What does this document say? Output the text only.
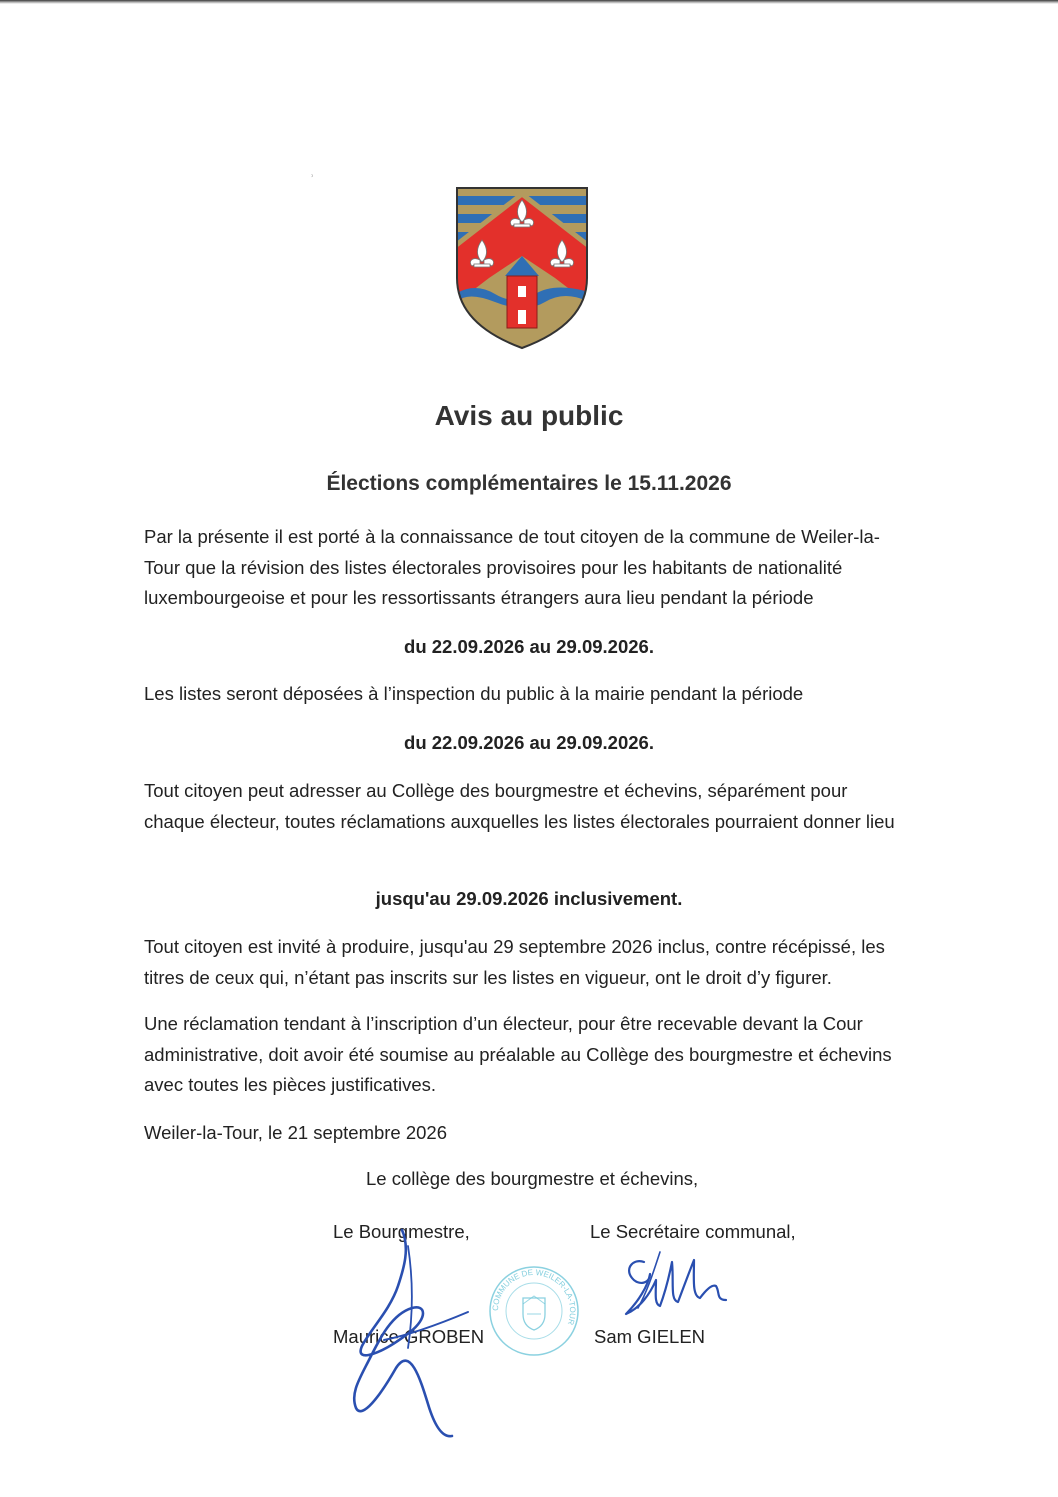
⸒
Avis au public
Élections complémentaires le 15.11.2026
Par la présente il est porté à la connaissance de tout citoyen de la commune de Weiler-la-Tour que la révision des listes électorales provisoires pour les habitants de nationalité luxembourgeoise et pour les ressortissants étrangers aura lieu pendant la période
du 22.09.2026 au 29.09.2026.
Les listes seront déposées à l’inspection du public à la mairie pendant la période
du 22.09.2026 au 29.09.2026.
Tout citoyen peut adresser au Collège des bourgmestre et échevins, séparément pour chaque électeur, toutes réclamations auxquelles les listes électorales pourraient donner lieu
jusqu'au 29.09.2026 inclusivement.
Tout citoyen est invité à produire, jusqu'au 29 septembre 2026 inclus, contre récépissé, les titres de ceux qui, n’étant pas inscrits sur les listes en vigueur, ont le droit d’y figurer.
Une réclamation tendant à l’inscription d’un électeur, pour être recevable devant la Cour administrative, doit avoir été soumise au préalable au Collège des bourgmestre et échevins avec toutes les pièces justificatives.
Weiler-la-Tour, le 21 septembre 2026
Le collège des bourgmestre et échevins,
Le Bourgmestre,	Le Secrétaire communal,
Maurice GROBEN	Sam GIELEN
COMMUNE DE WEILER-LA-TOUR
